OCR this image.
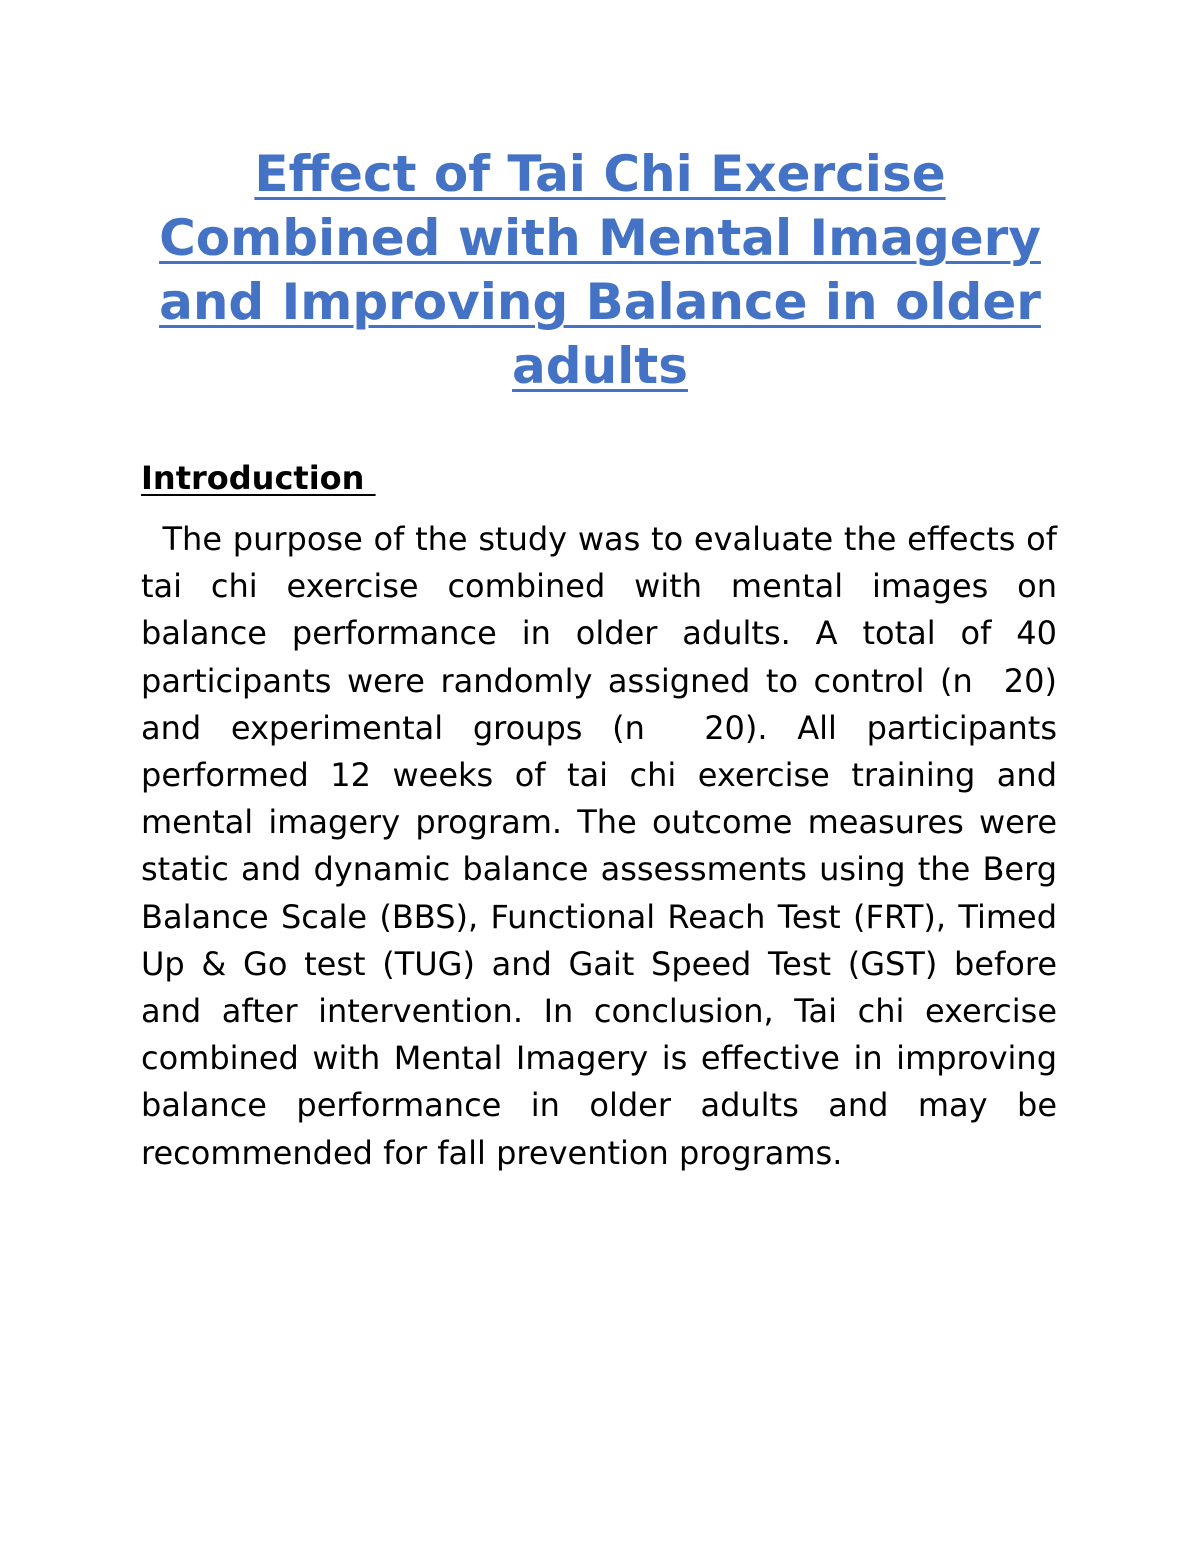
Effect of Tai Chi Exercise Combined with Mental Imagery and Improving Balance in older adults
Introduction

The purpose of the study was to evaluate the effects of tai chi exercise combined with mental images on balance performance in older adults. A total of 40 participants were randomly assigned to control (n  20) and experimental groups (n  20). All participants performed 12 weeks of tai chi exercise training and mental imagery program. The outcome measures were static and dynamic balance assessments using the Berg Balance Scale (BBS), Functional Reach Test (FRT), Timed Up & Go test (TUG) and Gait Speed Test (GST) before and after intervention. In conclusion, Tai chi exercise combined with Mental Imagery is effective in improving balance performance in older adults and may be recommended for fall prevention programs.
